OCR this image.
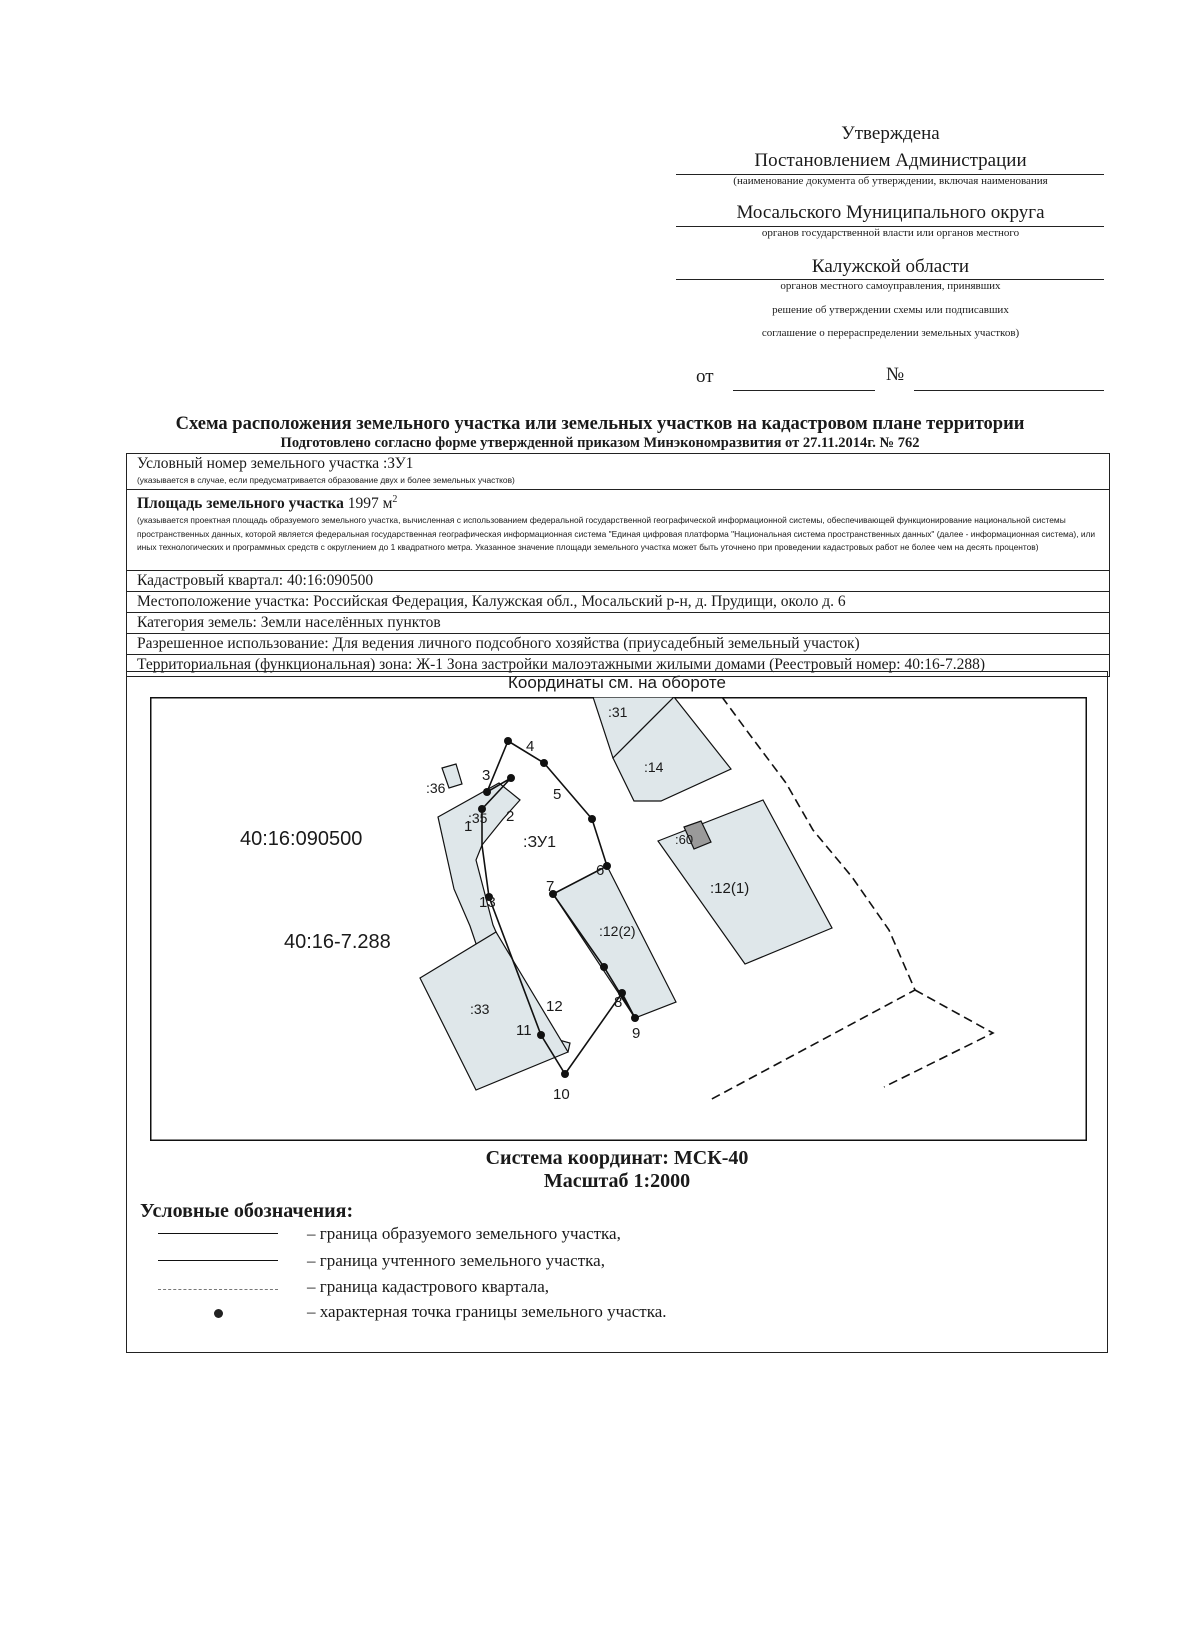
Утверждена
Постановлением Администрации
(наименование документа об утверждении, включая наименования
Мосальского Муниципального округа
органов государственной власти или органов местного
Калужской области
органов местного самоуправления, принявших
решение об утверждении схемы или подписавших
соглашение о перераспределении земельных участков)
от	№
Схема расположения земельного участка или земельных участков на кадастровом плане территории
Подготовлено согласно форме утвержденной приказом Минэкономразвития от 27.11.2014г. № 762
Условный номер земельного участка :ЗУ1
(указывается в случае, если предусматривается образование двух и более земельных участков)
Площадь земельного участка 1997 $м^2$
(указывается проектная площадь образуемого земельного участка, вычисленная с использованием федеральной государственной географической информационной системы, обеспечивающей функционирование национальной системы пространственных данных, которой является федеральная государственная географическая информационная система "Единая цифровая платформа "Национальная система пространственных данных" (далее - информационная система), или иных технологических и программных средств с округлением до 1 квадратного метра. Указанное значение площади земельного участка может быть уточнено при проведении кадастровых работ не более чем на десять процентов)
Кадастровый квартал: 40:16:090500
Местоположение участка: Российская Федерация, Калужская обл., Мосальский р-н, д. Прудищи, около д. 6
Категория земель: Земли населённых пунктов
Разрешенное использование: Для ведения личного подсобного хозяйства (приусадебный земельный участок)
Территориальная (функциональная) зона: Ж-1 Зона застройки малоэтажными жилыми домами (Реестровый номер: 40:16-7.288)
Координаты см. на обороте
40:16:090500
40:16-7.288
:ЗУ1
:31
:14
:36
:35
:60
:12(1)
:12(2)
:33
1
2
3
4
5
6
7
8
9
10
11
12
13
Система координат: МСК-40
Масштаб 1:2000
Условные обозначения:
– граница образуемого земельного участка,
– граница учтенного земельного участка,
– граница кадастрового квартала,
– характерная точка границы земельного участка.
